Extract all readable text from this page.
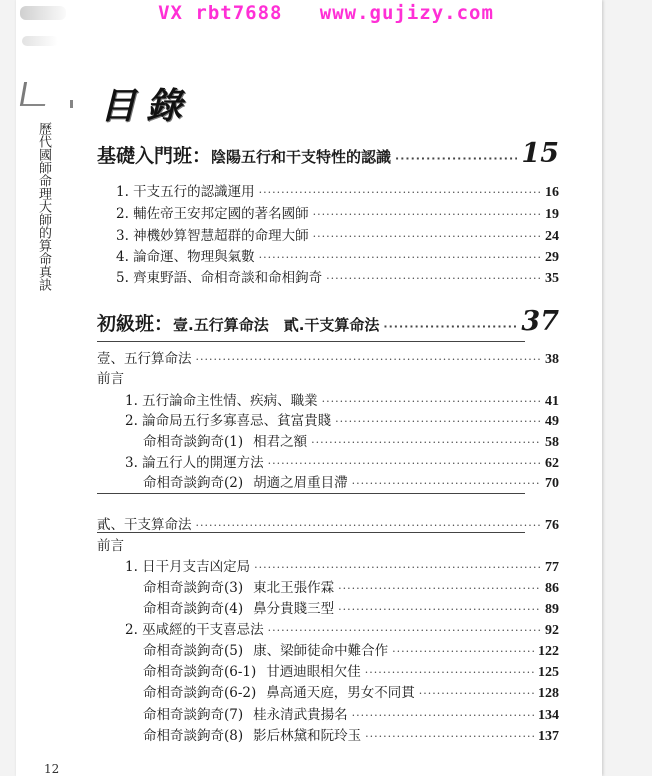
VX rbt7688   www.gujizy.com
歷代國師命理大師的算命真訣
目錄
基礎入門班： 陰陽五行和干支特性的認識 ·····	15
1. 干支五行的認識運用 ·····	16
2. 輔佐帝王安邦定國的著名國師 ·····	19
3. 神機妙算智慧超群的命理大師 ·····	24
4. 論命運、物理與氣數 ·····	29
5. 齊東野語、命相奇談和命相鉤奇 ·····	35
初級班： 壹.五行算命法　貳.干支算命法 ·····	37
壹、五行算命法 ·····	38
前言
1. 五行論命主性情、疾病、職業 ·····	41
2. 論命局五行多寡喜忌、貧富貴賤 ·····	49
命相奇談鉤奇(1) 相君之額 ·····	58
3. 論五行人的開運方法 ·····	62
命相奇談鉤奇(2) 胡適之眉重目滯 ·····	70
貳、干支算命法 ·····	76
前言
1. 日干月支吉凶定局 ·····	77
命相奇談鉤奇(3) 東北王張作霖 ·····	86
命相奇談鉤奇(4) 鼻分貴賤三型 ·····	89
2. 巫咸經的干支喜忌法 ·····	92
命相奇談鉤奇(5) 康、梁師徒命中難合作 ·····	122
命相奇談鉤奇(6-1) 甘迺迪眼相欠佳 ·····	125
命相奇談鉤奇(6-2) 鼻高通天庭，男女不同貫 ·····	128
命相奇談鉤奇(7) 桂永清武貴揚名 ·····	134
命相奇談鉤奇(8) 影后林黛和阮玲玉 ·····	137
12
